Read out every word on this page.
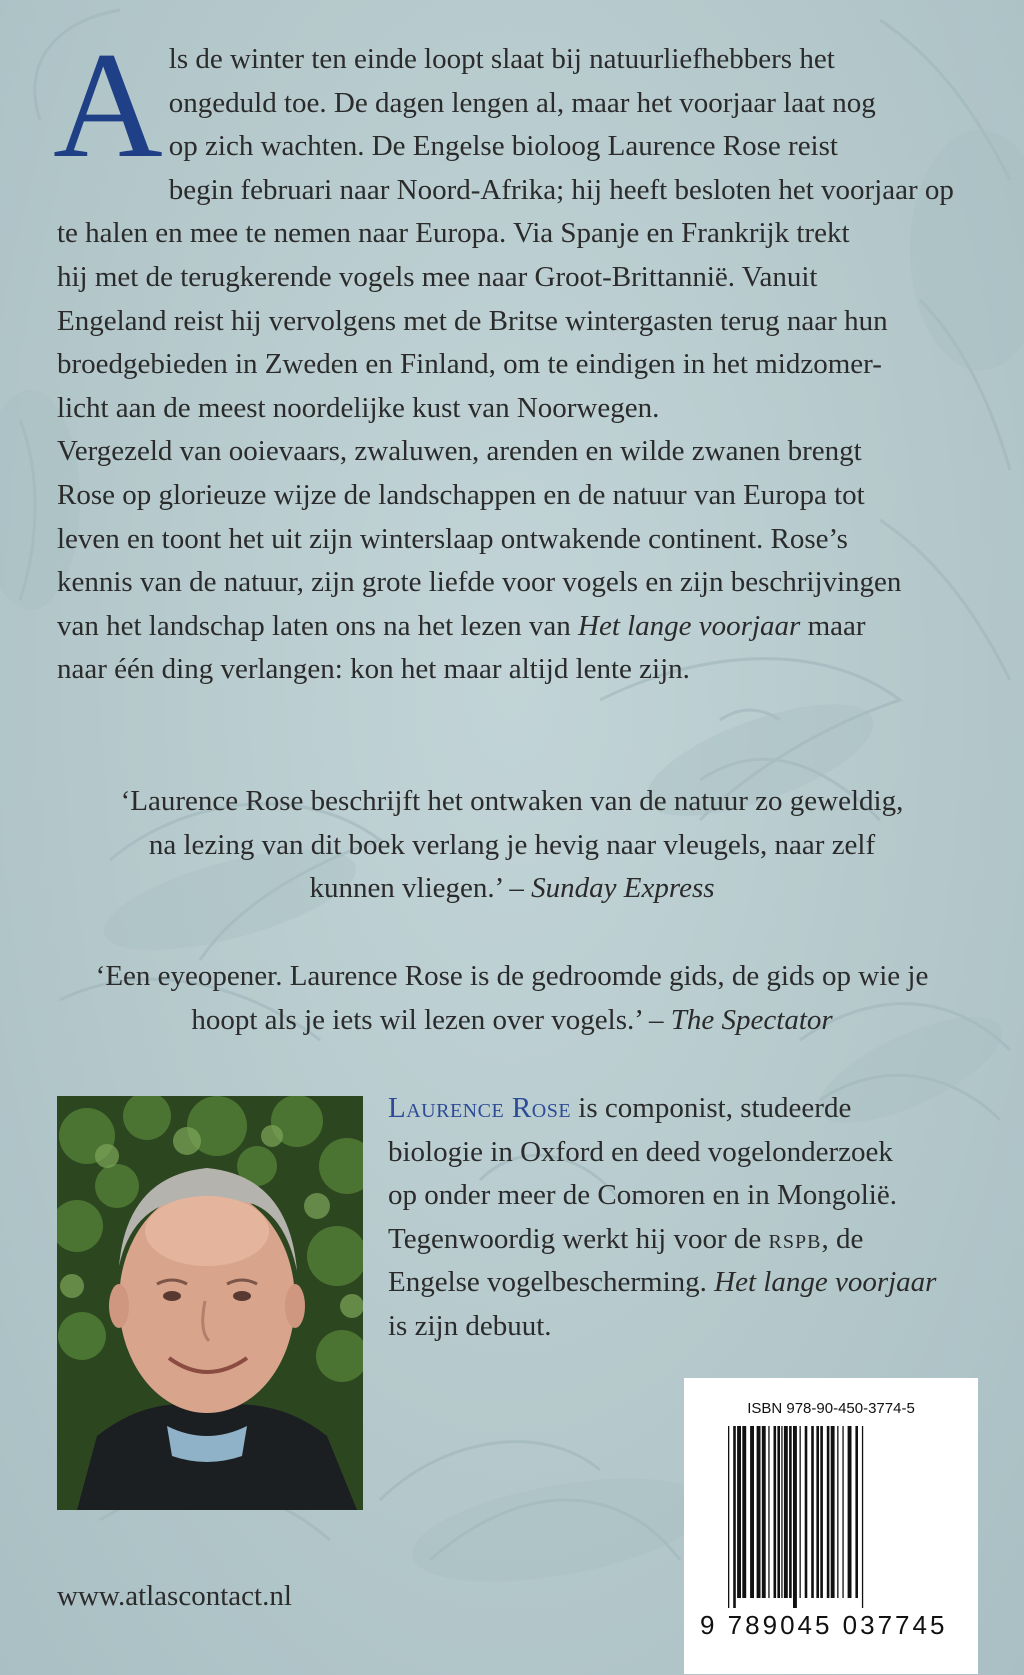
A ls de winter ten einde loopt slaat bij natuurliefhebbers het

ongeduld toe. De dagen lengen al, maar het voorjaar laat nog

op zich wachten. De Engelse bioloog Laurence Rose reist

begin februari naar Noord-Afrika; hij heeft besloten het voorjaar op

te halen en mee te nemen naar Europa. Via Spanje en Frankrijk trekt

hij met de terugkerende vogels mee naar Groot-Brittannië. Vanuit

Engeland reist hij vervolgens met de Britse wintergasten terug naar hun

broedgebieden in Zweden en Finland, om te eindigen in het midzomer-

licht aan de meest noordelijke kust van Noorwegen.

Vergezeld van ooievaars, zwaluwen, arenden en wilde zwanen brengt

Rose op glorieuze wijze de landschappen en de natuur van Europa tot

leven en toont het uit zijn winterslaap ontwakende continent. Rose’s

kennis van de natuur, zijn grote liefde voor vogels en zijn beschrijvingen

van het landschap laten ons na het lezen van Het lange voorjaar maar

naar één ding verlangen: kon het maar altijd lente zijn.

‘Laurence Rose beschrijft het ontwaken van de natuur zo geweldig,

na lezing van dit boek verlang je hevig naar vleugels, naar zelf

kunnen vliegen.’ – Sunday Express

‘Een eyeopener. Laurence Rose is de gedroomde gids, de gids op wie je

hoopt als je iets wil lezen over vogels.’ – The Spectator

Laurence Rose is componist, studeerde

biologie in Oxford en deed vogelonderzoek

op onder meer de Comoren en in Mongolië.

Tegenwoordig werkt hij voor de rspb, de

Engelse vogelbescherming. Het lange voorjaar

is zijn debuut.

www.atlascontact.nl
ISBN 978-90-450-3774-5
9 789045 037745
